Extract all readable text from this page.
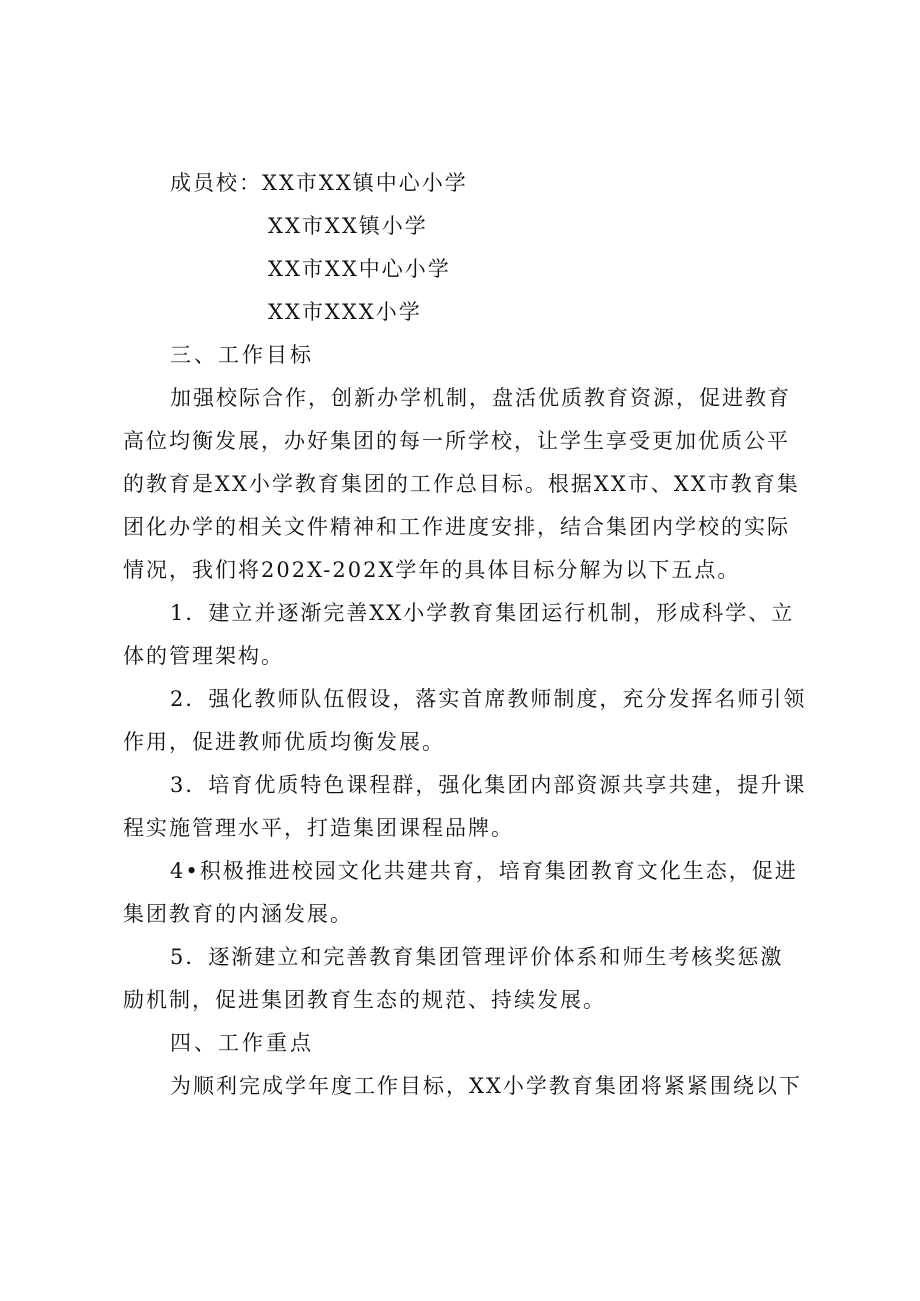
成员校：XX市XX镇中心小学
XX市XX镇小学
XX市XX中心小学
XX市XXX小学
三、工作目标
加强校际合作，创新办学机制，盘活优质教育资源，促进教育
高位均衡发展，办好集团的每一所学校，让学生享受更加优质公平
的教育是XX小学教育集团的工作总目标。根据XX市、XX市教育集
团化办学的相关文件精神和工作进度安排，结合集团内学校的实际
情况，我们将202X-202X学年的具体目标分解为以下五点。
1．建立并逐渐完善XX小学教育集团运行机制，形成科学、立
体的管理架构。
2．强化教师队伍假设，落实首席教师制度，充分发挥名师引领
作用，促进教师优质均衡发展。
3．培育优质特色课程群，强化集团内部资源共享共建，提升课
程实施管理水平，打造集团课程品牌。
4•积极推进校园文化共建共育，培育集团教育文化生态，促进
集团教育的内涵发展。
5．逐渐建立和完善教育集团管理评价体系和师生考核奖惩激
励机制，促进集团教育生态的规范、持续发展。
四、工作重点
为顺利完成学年度工作目标，XX小学教育集团将紧紧围绕以下
